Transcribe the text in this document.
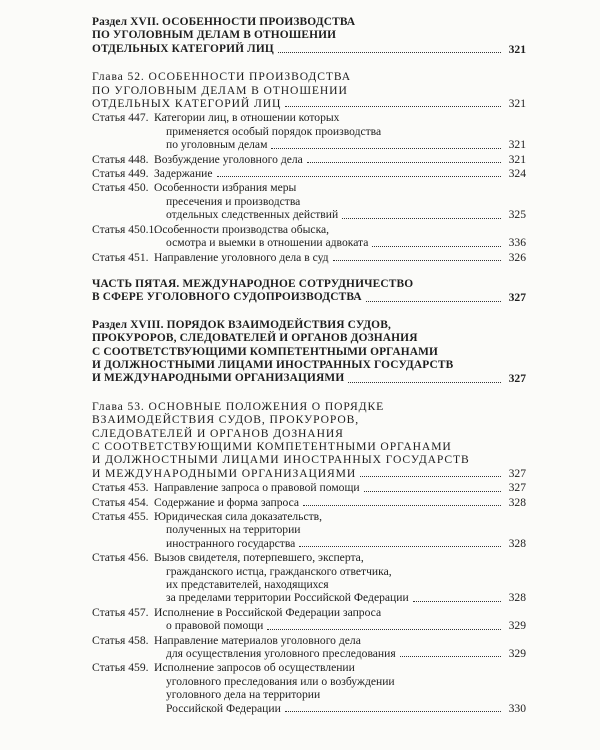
Раздел XVII. ОСОБЕННОСТИ ПРОИЗВОДСТВА
ПО УГОЛОВНЫМ ДЕЛАМ В ОТНОШЕНИИ
ОТДЕЛЬНЫХ КАТЕГОРИЙ ЛИЦ	321
Глава 52. ОСОБЕННОСТИ ПРОИЗВОДСТВА
ПО УГОЛОВНЫМ ДЕЛАМ В ОТНОШЕНИИ
ОТДЕЛЬНЫХ КАТЕГОРИЙ ЛИЦ	321
Статья 447. Категории лиц, в отношении которых
применяется особый порядок производства
по уголовным делам	321
Статья 448. Возбуждение уголовного дела	321
Статья 449. Задержание	324
Статья 450. Особенности избрания меры
пресечения и производства
отдельных следственных действий	325
Статья 450.1.
Особенности производства обыска,
осмотра и выемки в отношении адвоката	336
Статья 451. Направление уголовного дела в суд	326
ЧАСТЬ ПЯТАЯ. МЕЖДУНАРОДНОЕ СОТРУДНИЧЕСТВО
В СФЕРЕ УГОЛОВНОГО СУДОПРОИЗВОДСТВА	327
Раздел XVIII. ПОРЯДОК ВЗАИМОДЕЙСТВИЯ СУДОВ,
ПРОКУРОРОВ, СЛЕДОВАТЕЛЕЙ И ОРГАНОВ ДОЗНАНИЯ
С СООТВЕТСТВУЮЩИМИ КОМПЕТЕНТНЫМИ ОРГАНАМИ
И ДОЛЖНОСТНЫМИ ЛИЦАМИ ИНОСТРАННЫХ ГОСУДАРСТВ
И МЕЖДУНАРОДНЫМИ ОРГАНИЗАЦИЯМИ	327
Глава 53. ОСНОВНЫЕ ПОЛОЖЕНИЯ О ПОРЯДКЕ
ВЗАИМОДЕЙСТВИЯ СУДОВ, ПРОКУРОРОВ,
СЛЕДОВАТЕЛЕЙ И ОРГАНОВ ДОЗНАНИЯ
С СООТВЕТСТВУЮЩИМИ КОМПЕТЕНТНЫМИ ОРГАНАМИ
И ДОЛЖНОСТНЫМИ ЛИЦАМИ ИНОСТРАННЫХ ГОСУДАРСТВ
И МЕЖДУНАРОДНЫМИ ОРГАНИЗАЦИЯМИ	327
Статья 453. Направление запроса о правовой помощи	327
Статья 454. Содержание и форма запроса	328
Статья 455. Юридическая сила доказательств,
полученных на территории
иностранного государства	328
Статья 456. Вызов свидетеля, потерпевшего, эксперта,
гражданского истца, гражданского ответчика,
их представителей, находящихся
за пределами территории Российской Федерации	328
Статья 457. Исполнение в Российской Федерации запроса
о правовой помощи	329
Статья 458. Направление материалов уголовного дела
для осуществления уголовного преследования	329
Статья 459. Исполнение запросов об осуществлении
уголовного преследования или о возбуждении
уголовного дела на территории
Российской Федерации	330
